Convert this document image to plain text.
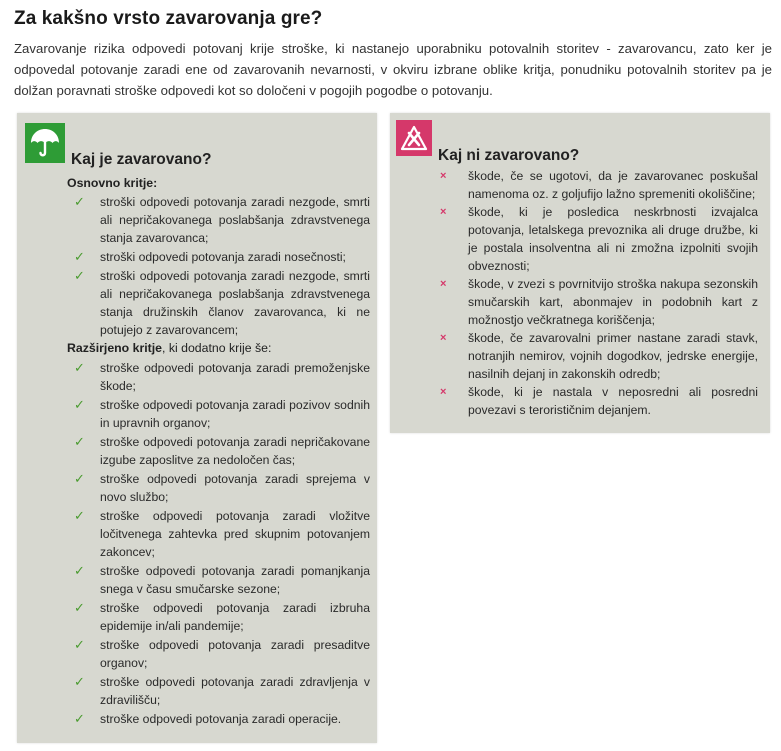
Za kakšno vrsto zavarovanja gre?

Zavarovanje rizika odpovedi potovanj krije stroške, ki nastanejo uporabniku potovalnih storitev - zavarovancu, zato ker je odpovedal potovanje zaradi ene od zavarovanih nevarnosti, v okviru izbrane oblike kritja, ponudniku potovalnih storitev pa je dolžan poravnati stroške odpovedi kot so določeni v pogojih pogodbe o potovanju.

Kaj je zavarovano?

Osnovno kritje:

✓ stroški odpovedi potovanja zaradi nezgode, smrti ali nepričakovanega poslabšanja zdravstvenega stanja zavarovanca;
✓ stroški odpovedi potovanja zaradi nosečnosti;
✓ stroški odpovedi potovanja zaradi nezgode, smrti ali nepričakovanega poslabšanja zdravstvenega stanja družinskih članov zavarovanca, ki ne potujejo z zavarovancem;

Razširjeno kritje, ki dodatno krije še:

✓ stroške odpovedi potovanja zaradi premoženjske škode;
✓ stroške odpovedi potovanja zaradi pozivov sodnih in upravnih organov;
✓ stroške odpovedi potovanja zaradi nepričakovane izgube zaposlitve za nedoločen čas;
✓ stroške odpovedi potovanja zaradi sprejema v novo službo;
✓ stroške odpovedi potovanja zaradi vložitve ločitvenega zahtevka pred skupnim potovanjem zakoncev;
✓ stroške odpovedi potovanja zaradi pomanjkanja snega v času smučarske sezone;
✓ stroške odpovedi potovanja zaradi izbruha epidemije in/ali pandemije;
✓ stroške odpovedi potovanja zaradi presaditve organov;
✓ stroške odpovedi potovanja zaradi zdravljenja v zdravilišču;
✓ stroške odpovedi potovanja zaradi operacije.
Kaj ni zavarovano?
× škode, če se ugotovi, da je zavarovanec poskušal namenoma oz. z goljufijo lažno spremeniti okoliščine;
× škode, ki je posledica neskrbnosti izvajalca potovanja, letalskega prevoznika ali druge družbe, ki je postala insolventna ali ni zmožna izpolniti svojih obveznosti;
× škode, v zvezi s povrnitvijo stroška nakupa sezonskih smučarskih kart, abonmajev in podobnih kart z možnostjo večkratnega koriščenja;
× škode, če zavarovalni primer nastane zaradi stavk, notranjih nemirov, vojnih dogodkov, jedrske energije, nasilnih dejanj in zakonskih odredb;
× škode, ki je nastala v neposredni ali posredni povezavi s terorističnim dejanjem.
